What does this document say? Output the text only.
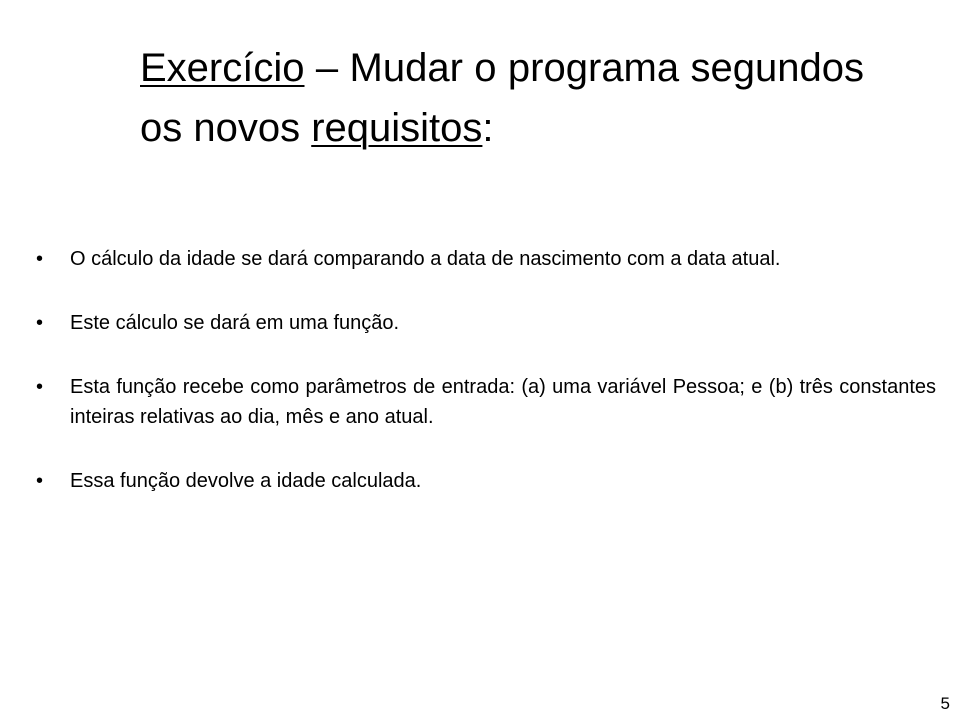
Exercício – Mudar o programa segundos os novos requisitos:
• O cálculo da idade se dará comparando a data de nascimento com a data atual.
• Este cálculo se dará em uma função.
• Esta função recebe como parâmetros de entrada: (a) uma variável Pessoa; e (b) três constantes inteiras relativas ao dia, mês e ano atual.
• Essa função devolve a idade calculada.
5
